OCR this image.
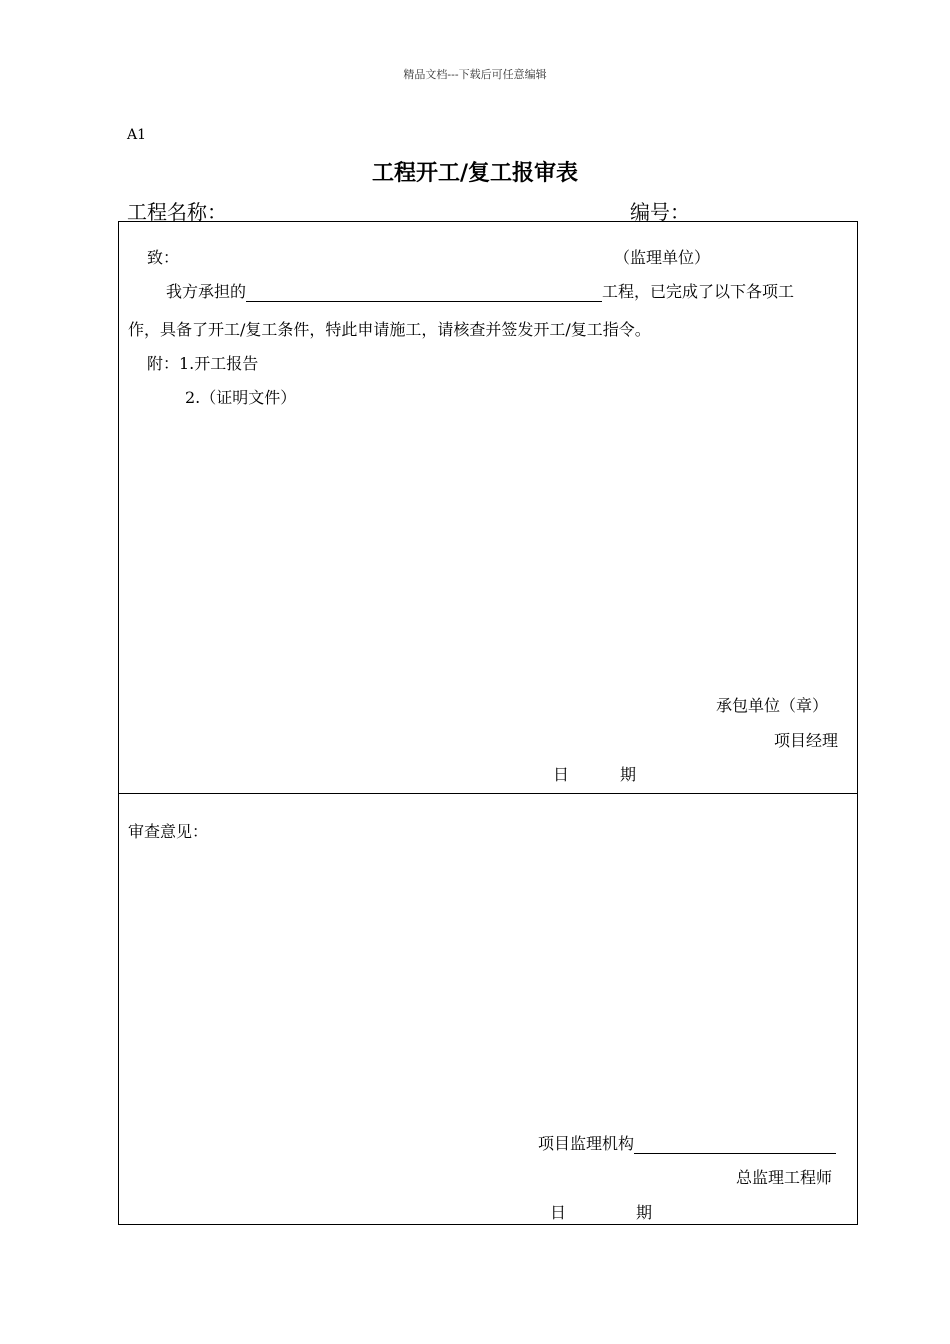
精品文档---下载后可任意编辑
A1
工程开工/复工报审表
工程名称：	编号：
致：	（监理单位）
我方承担的	工程，已完成了以下各项工
作，具备了开工/复工条件，特此申请施工，请核查并签发开工/复工指令。
附：1.开工报告
2.（证明文件）
承包单位（章）
项目经理
日	期
审查意见：
项目监理机构
总监理工程师
日	期
